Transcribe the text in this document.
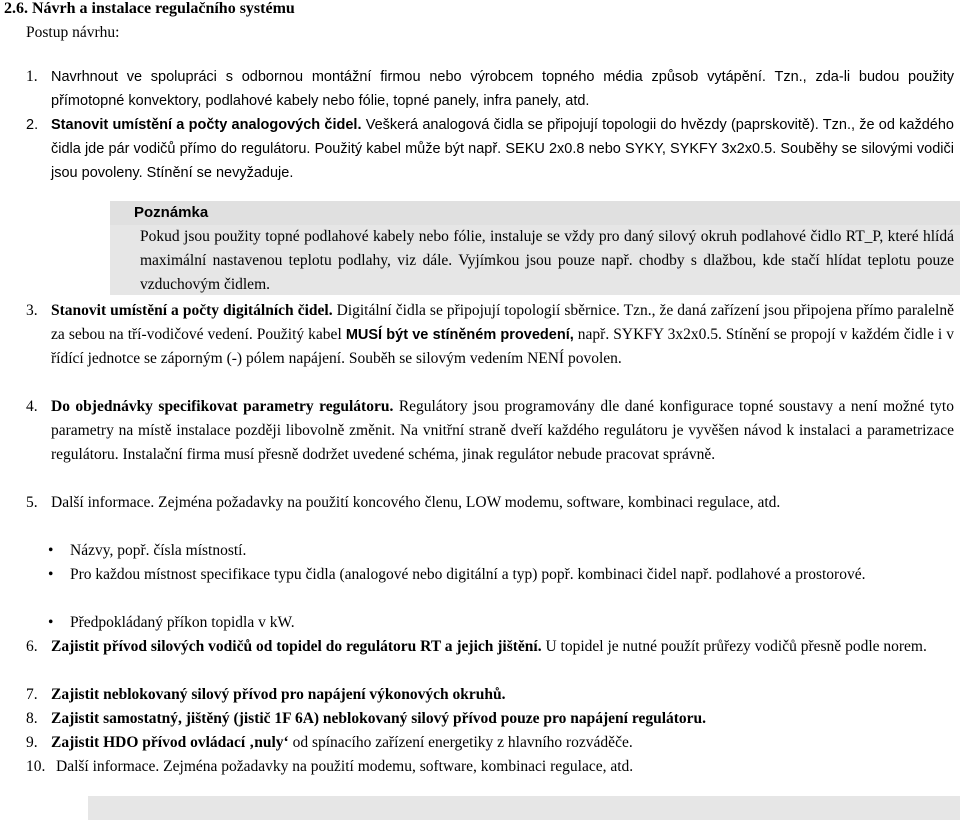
2.6. Návrh a instalace regulačního systému
Postup návrhu:
1. Navrhnout ve spolupráci s odbornou montážní firmou nebo výrobcem topného média způsob vytápění. Tzn., zda-li budou použity přímotopné konvektory, podlahové kabely nebo fólie, topné panely, infra panely, atd.
2. Stanovit umístění a počty analogových čidel. Veškerá analogová čidla se připojují topologii do hvězdy (paprskovitě). Tzn., že od každého čidla jde pár vodičů přímo do regulátoru. Použitý kabel může být např. SEKU 2x0.8 nebo SYKY, SYKFY 3x2x0.5. Souběhy se silovými vodiči jsou povoleny. Stínění se nevyžaduje.
Poznámka
Pokud jsou použity topné podlahové kabely nebo fólie, instaluje se vždy pro daný silový okruh podlahové čidlo RT_P, které hlídá maximální nastavenou teplotu podlahy, viz dále. Vyjímkou jsou pouze např. chodby s dlažbou, kde stačí hlídat teplotu pouze vzduchovým čidlem.
3. Stanovit umístění a počty digitálních čidel. Digitální čidla se připojují topologií sběrnice. Tzn., že daná zařízení jsou připojena přímo paralelně za sebou na tří-vodičové vedení. Použitý kabel MUSÍ být ve stíněném provedení, např. SYKFY 3x2x0.5. Stínění se propojí v každém čidle i v řídící jednotce se záporným (-) pólem napájení. Souběh se silovým vedením NENÍ povolen.
4. Do objednávky specifikovat parametry regulátoru. Regulátory jsou programovány dle dané konfigurace topné soustavy a není možné tyto parametry na místě instalace později libovolně změnit. Na vnitřní straně dveří každého regulátoru je vyvěšen návod k instalaci a parametrizace regulátoru. Instalační firma musí přesně dodržet uvedené schéma, jinak regulátor nebude pracovat správně.
5. Další informace. Zejména požadavky na použití koncového členu, LOW modemu, software, kombinaci regulace, atd.
• Názvy, popř. čísla místností.
• Pro každou místnost specifikace typu čidla (analogové nebo digitální a typ) popř. kombinaci čidel např. podlahové a prostorové.
• Předpokládaný příkon topidla v kW.
6. Zajistit přívod silových vodičů od topidel do regulátoru RT a jejich jištění. U topidel je nutné použít průřezy vodičů přesně podle norem.
7. Zajistit neblokovaný silový přívod pro napájení výkonových okruhů.
8. Zajistit samostatný, jištěný (jistič 1F 6A) neblokovaný silový přívod pouze pro napájení regulátoru.
9. Zajistit HDO přívod ovládací ‚nuly‘ od spínacího zařízení energetiky z hlavního rozváděče.
10. Další informace. Zejména požadavky na použití modemu, software, kombinaci regulace, atd.
